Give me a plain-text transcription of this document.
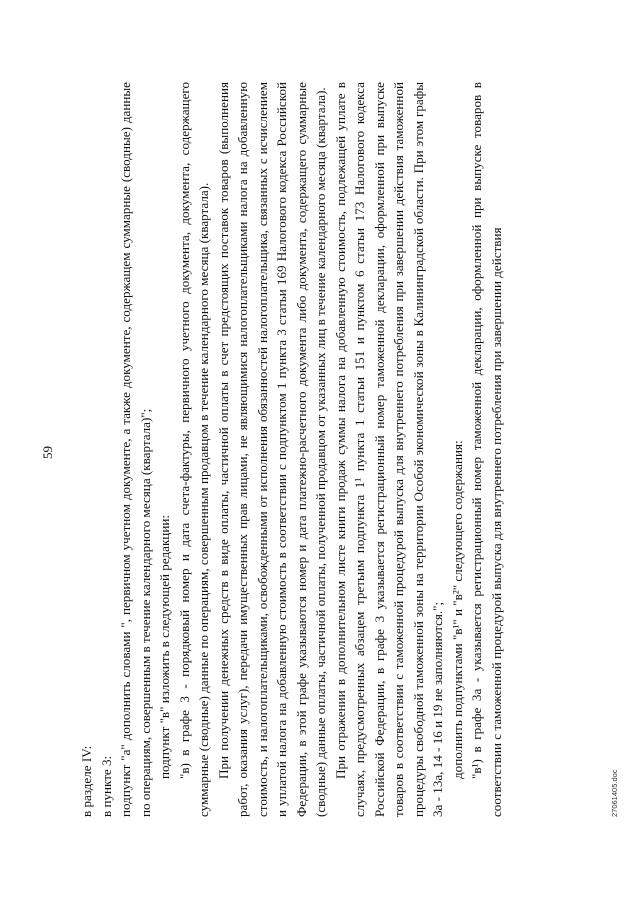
59

в разделе IV: в пункте 3: подпункт "а" дополнить словами ", первичном учетном документе, а также документе, содержащем суммарные (сводные) данные по операциям, совершенным в течение календарного месяца (квартала)"; подпункт "в" изложить в следующей редакции: "в) в графе 3 - порядковый номер и дата счета-фактуры, первичного учетного документа, документа, содержащего суммарные (сводные) данные по операциям, совершенным продавцом в течение календарного месяца (квартала). При получении денежных средств в виде оплаты, частичной оплаты в счет предстоящих поставок товаров (выполнения работ, оказания услуг), передачи имущественных прав лицами, не являющимися налогоплательщиками налога на добавленную стоимость, и налогоплательщиками, освобожденными от исполнения обязанностей налогоплательщика, связанных с исчислением и уплатой налога на добавленную стоимость в соответствии с подпунктом 1 пункта 3 статьи 169 Налогового кодекса Российской Федерации, в этой графе указываются номер и дата платежно-расчетного документа либо документа, содержащего суммарные (сводные) данные оплаты, частичной оплаты, полученной продавцом от указанных лиц в течение календарного месяца (квартала). При отражении в дополнительном листе книги продаж суммы налога на добавленную стоимость, подлежащей уплате в случаях, предусмотренных абзацем третьим подпункта 1¹ пункта 1 статьи 151 и пунктом 6 статьи 173 Налогового кодекса Российской Федерации, в графе 3 указывается регистрационный номер таможенной декларации, оформленной при выпуске товаров в соответствии с таможенной процедурой выпуска для внутреннего потребления при завершении действия таможенной процедуры свободной таможенной зоны на территории Особой экономической зоны в Калининградской области. При этом графы 3а - 13а, 14 - 16 и 19 не заполняются."; дополнить подпунктами "в¹" и "в²" следующего содержания: "в¹) в графе 3а - указывается регистрационный номер таможенной декларации, оформленной при выпуске товаров в соответствии с таможенной процедурой выпуска для внутреннего потребления при завершении действия	27061405.doc
